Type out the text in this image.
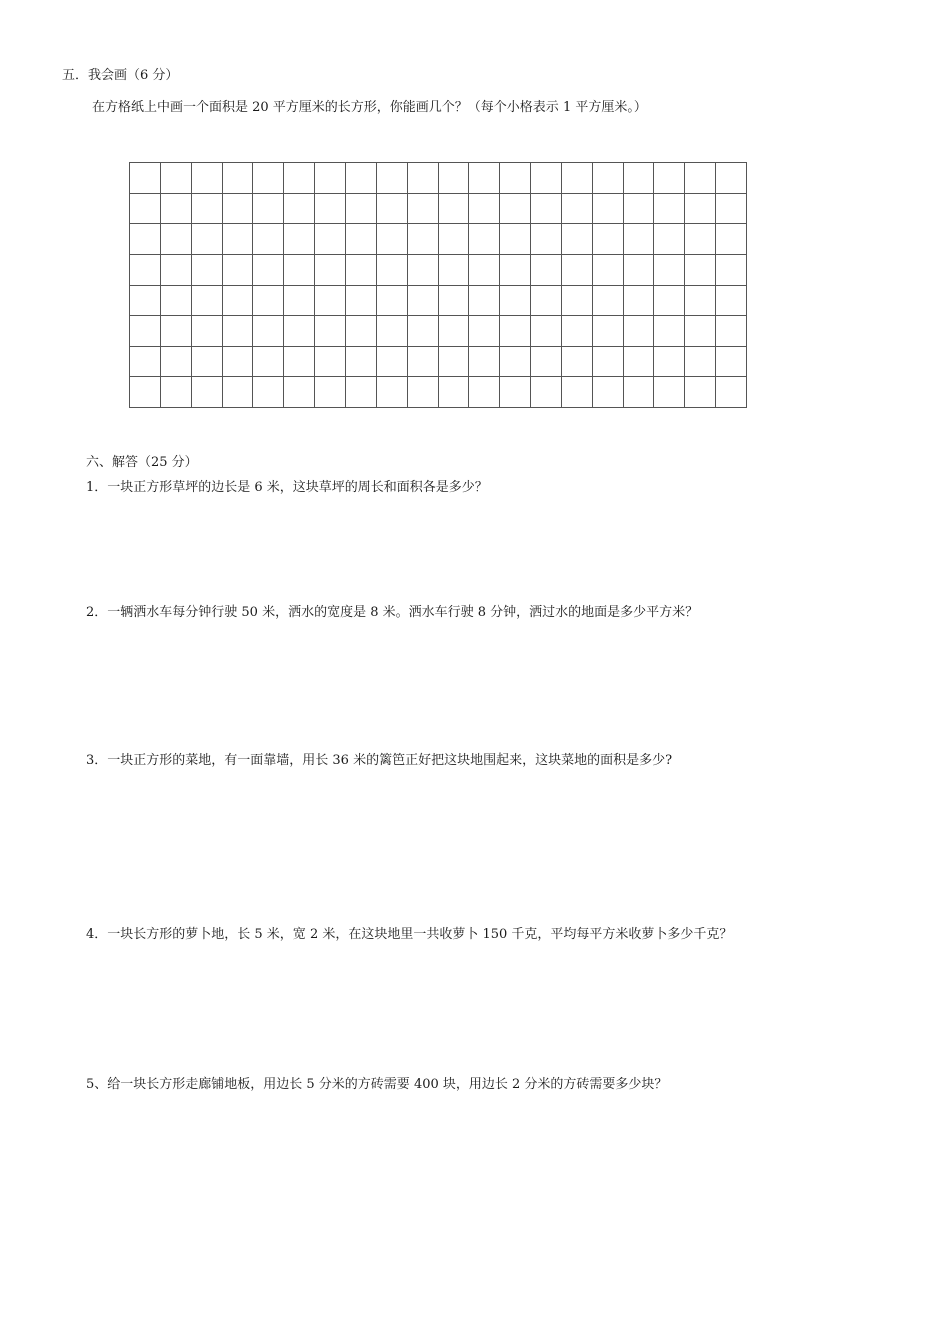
五．我会画（6 分）
在方格纸上中画一个面积是 20 平方厘米的长方形，你能画几个？（每个小格表示 1 平方厘米。）
六、解答（25 分）
1．一块正方形草坪的边长是 6 米，这块草坪的周长和面积各是多少？
2．一辆洒水车每分钟行驶 50 米，洒水的宽度是 8 米。洒水车行驶 8 分钟，洒过水的地面是多少平方米？
3．一块正方形的菜地，有一面靠墙，用长 36 米的篱笆正好把这块地围起来，这块菜地的面积是多少?
4．一块长方形的萝卜地，长 5 米，宽 2 米，在这块地里一共收萝卜 150 千克，平均每平方米收萝卜多少千克？
5、给一块长方形走廊铺地板，用边长 5 分米的方砖需要 400 块，用边长 2 分米的方砖需要多少块？
